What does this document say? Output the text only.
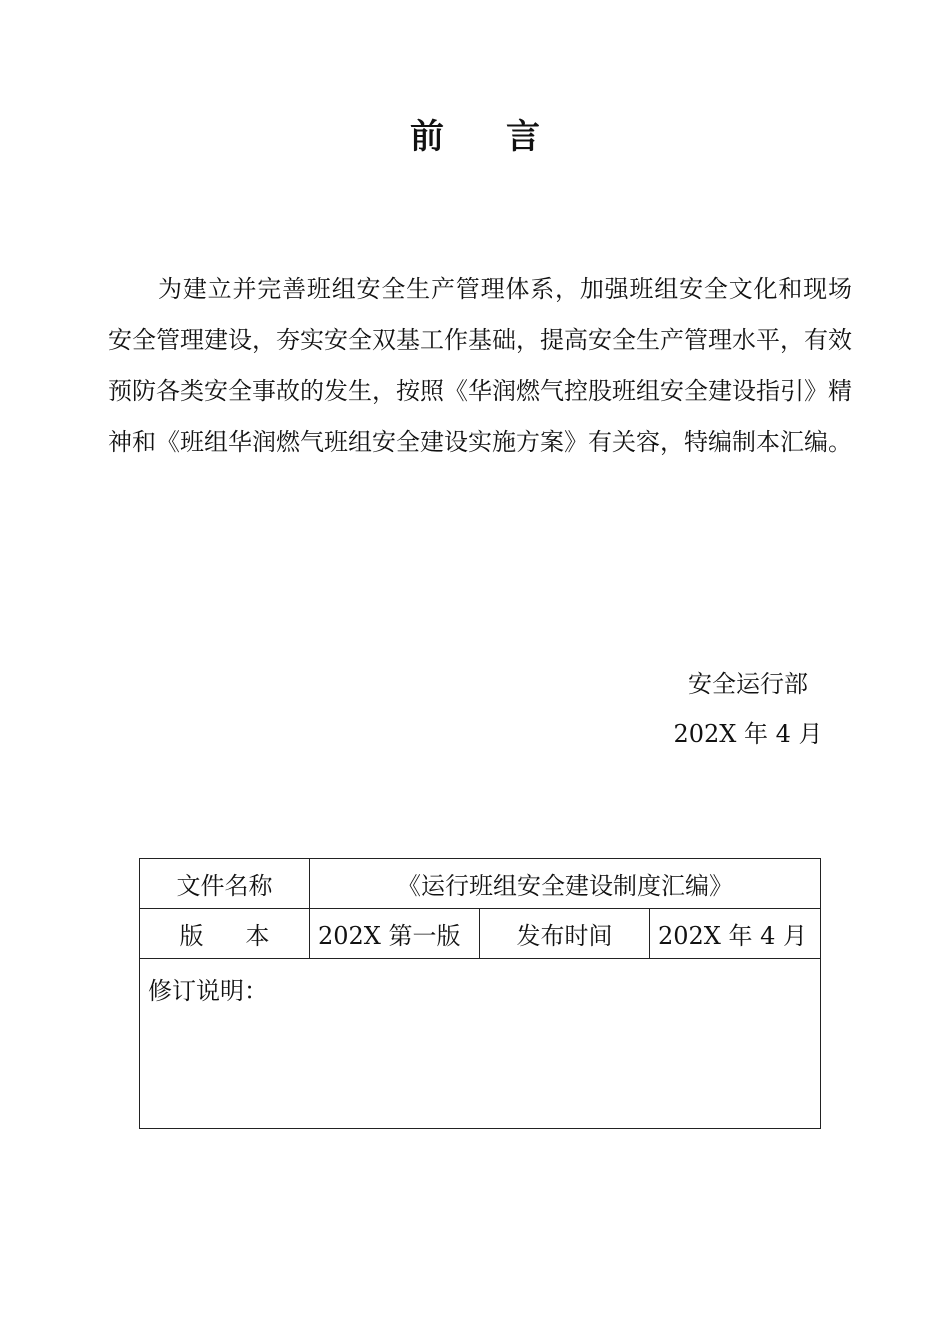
前 言

为建立并完善班组安全生产管理体系，加强班组安全文化和现场安全管理建设，夯实安全双基工作基础，提高安全生产管理水平，有效预防各类安全事故的发生，按照《华润燃气控股班组安全建设指引》精神和《班组华润燃气班组安全建设实施方案》有关容，特编制本汇编。

安全运行部
202X 年 4 月
文件名称	《运行班组安全建设制度汇编》		
版 本	202X 第一版	发布时间	202X 年 4 月
修订说明：			
